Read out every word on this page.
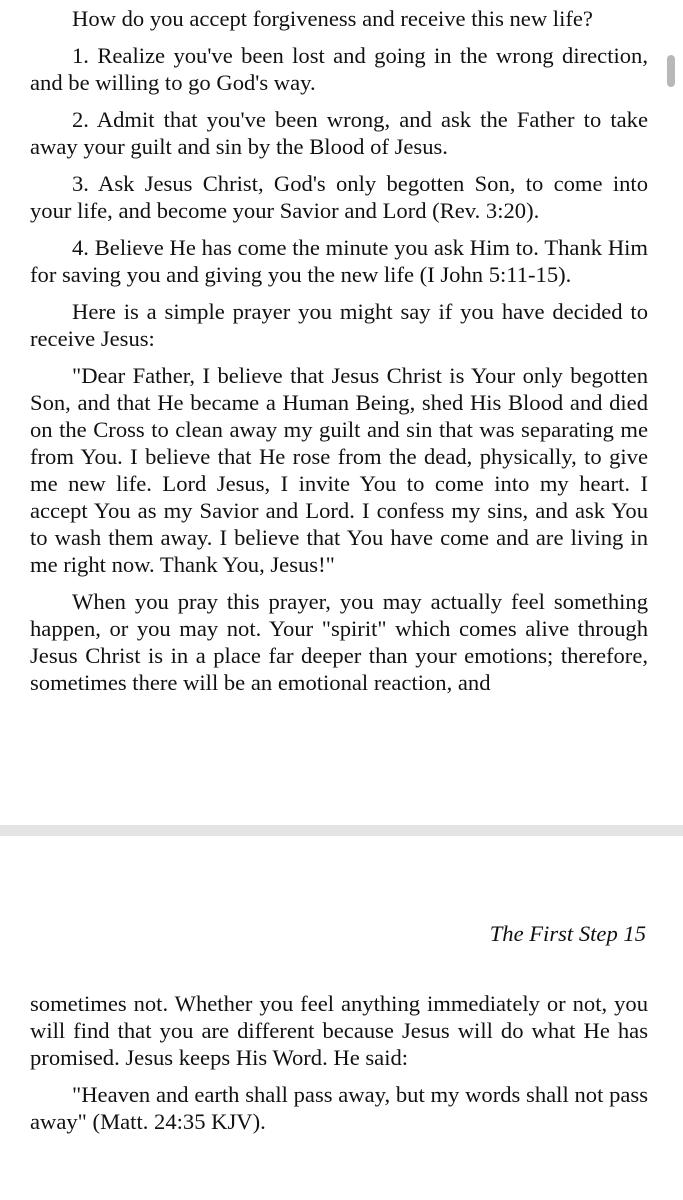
How do you accept forgiveness and receive this new life?

1. Realize you've been lost and going in the wrong direction, and be willing to go God's way.

2. Admit that you've been wrong, and ask the Father to take away your guilt and sin by the Blood of Jesus.

3. Ask Jesus Christ, God's only begotten Son, to come into your life, and become your Savior and Lord (Rev. 3:20).

4. Believe He has come the minute you ask Him to. Thank Him for saving you and giving you the new life (I John 5:11-15).

Here is a simple prayer you might say if you have decided to receive Jesus:

"Dear Father, I believe that Jesus Christ is Your only begotten Son, and that He became a Human Being, shed His Blood and died on the Cross to clean away my guilt and sin that was separating me from You. I believe that He rose from the dead, physically, to give me new life. Lord Jesus, I invite You to come into my heart. I accept You as my Savior and Lord. I confess my sins, and ask You to wash them away. I believe that You have come and are living in me right now. Thank You, Jesus!"

When you pray this prayer, you may actually feel something happen, or you may not. Your "spirit" which comes alive through Jesus Christ is in a place far deeper than your emotions; therefore, sometimes there will be an emotional reaction, and

The First Step 15

sometimes not. Whether you feel anything immediately or not, you will find that you are different because Jesus will do what He has promised. Jesus keeps His Word. He said:

"Heaven and earth shall pass away, but my words shall not pass away" (Matt. 24:35 KJV).
